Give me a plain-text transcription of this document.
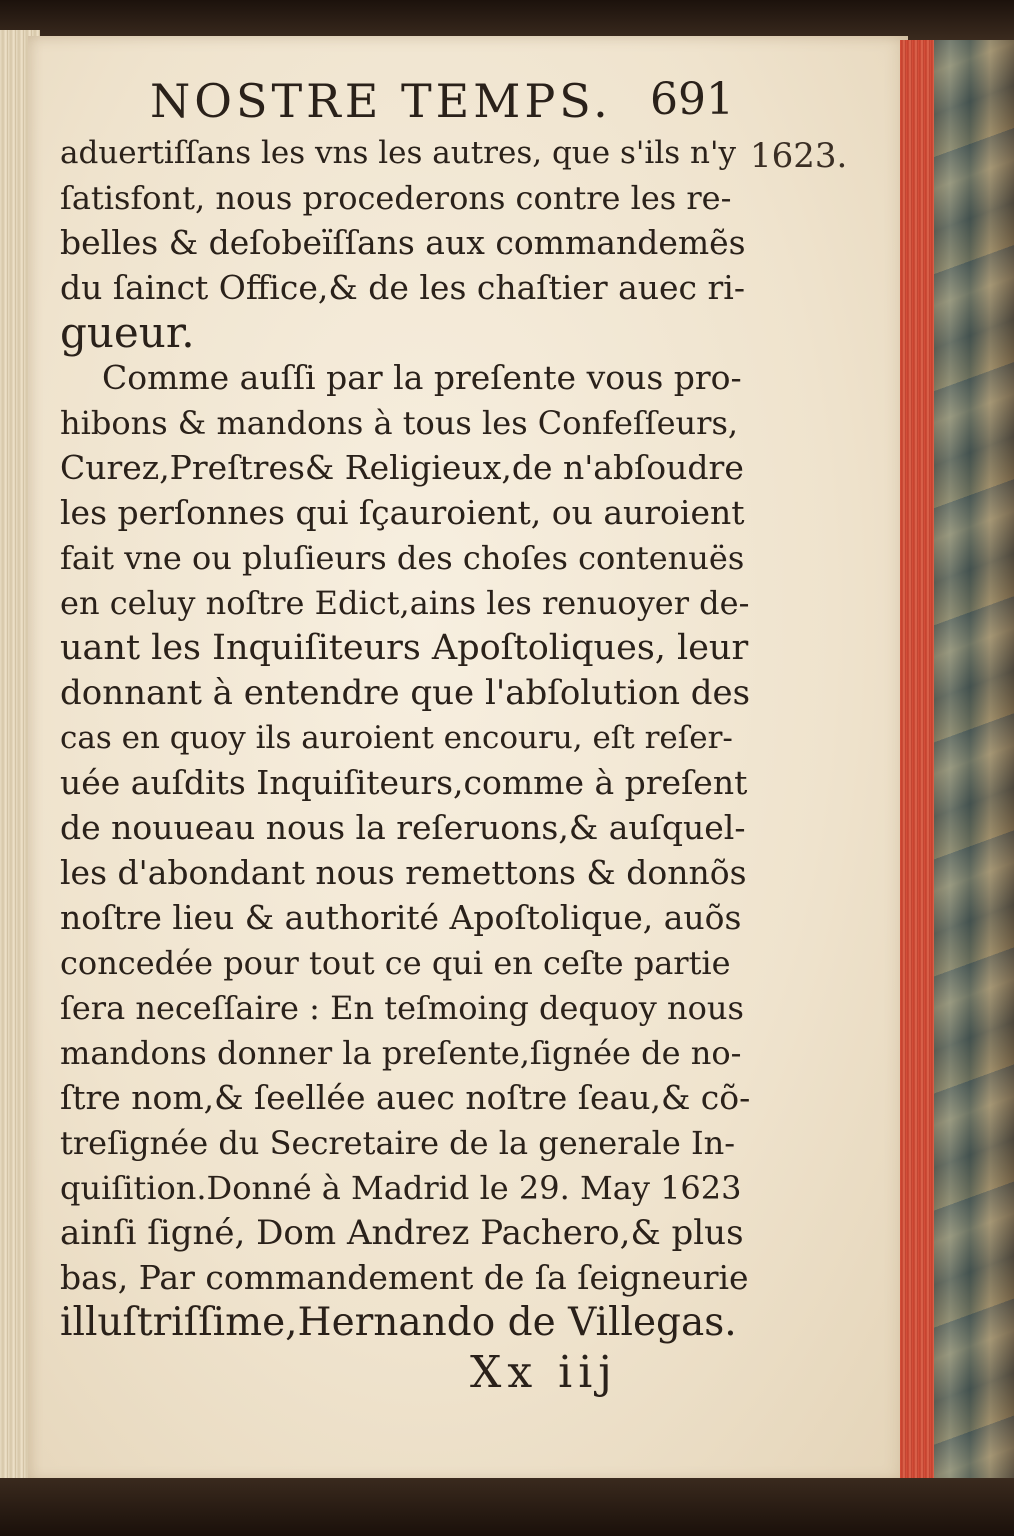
NOSTRE TEMPS. 691
1623.
aduertiſſans les vns les autres, que s'ils n'y
ſatisfont, nous procederons contre les re-
belles & deſobeïſſans aux commandemẽs
du ſainct Office,& de les chaſtier auec ri-
gueur.
Comme auſſi par la preſente vous pro-
hibons & mandons à tous les Confeſſeurs,
Curez,Preſtres& Religieux,de n'abſoudre
les perſonnes qui ſçauroient, ou auroient
fait vne ou pluſieurs des choſes contenuës
en celuy noſtre Edict,ains les renuoyer de-
uant les Inquiſiteurs Apoſtoliques, leur
donnant à entendre que l'abſolution des
cas en quoy ils auroient encouru, eſt reſer-
uée auſdits Inquiſiteurs,comme à preſent
de nouueau nous la reſeruons,& auſquel-
les d'abondant nous remettons & donnõs
noſtre lieu & authorité Apoſtolique, auõs
concedée pour tout ce qui en ceſte partie
ſera neceſſaire : En teſmoing dequoy nous
mandons donner la preſente,ſignée de no-
ſtre nom,& ſeellée auec noſtre ſeau,& cõ-
treſignée du Secretaire de la generale In-
quiſition.Donné à Madrid le 29. May 1623
ainſi ſigné, Dom Andrez Pachero,& plus
bas, Par commandement de ſa ſeigneurie
illuſtriſſime,Hernando de Villegas.
Xx iij
